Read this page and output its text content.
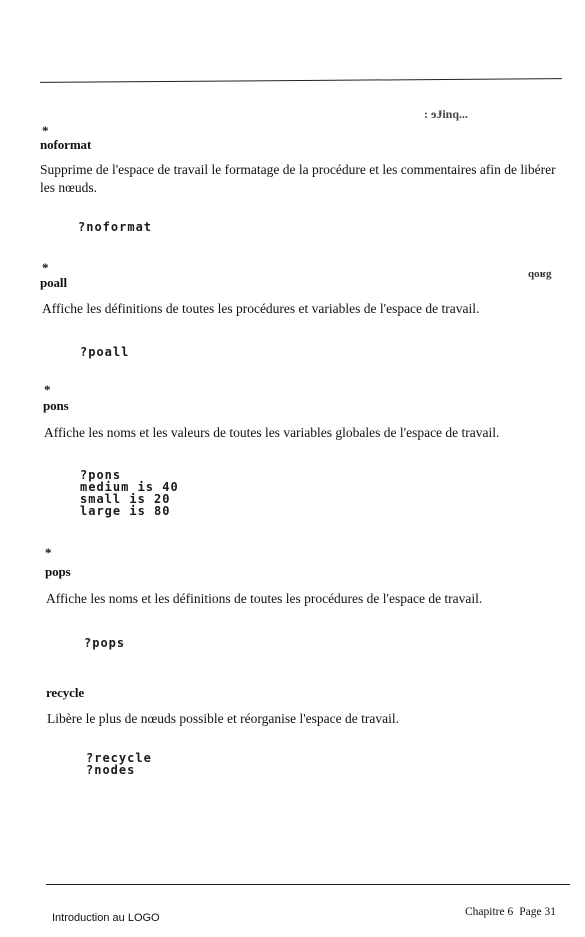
: ɘɈinq...
*
noformat
Supprime de l'espace de travail le formatage de la procédure et les commentaires afin de libérer les nœuds.
?noformat
*
poall
qoʁg
Affiche les définitions de toutes les procédures et variables de l'espace de travail.
?poall
*
pons
Affiche les noms et les valeurs de toutes les variables globales de l'espace de travail.
?pons
medium is 40
small is 20
large is 80
*
pops
Affiche les noms et les définitions de toutes les procédures de l'espace de travail.
?pops
recycle
Libère le plus de nœuds possible et réorganise l'espace de travail.
?recycle
?nodes
Introduction au LOGO	Chapitre 6 Page 31
